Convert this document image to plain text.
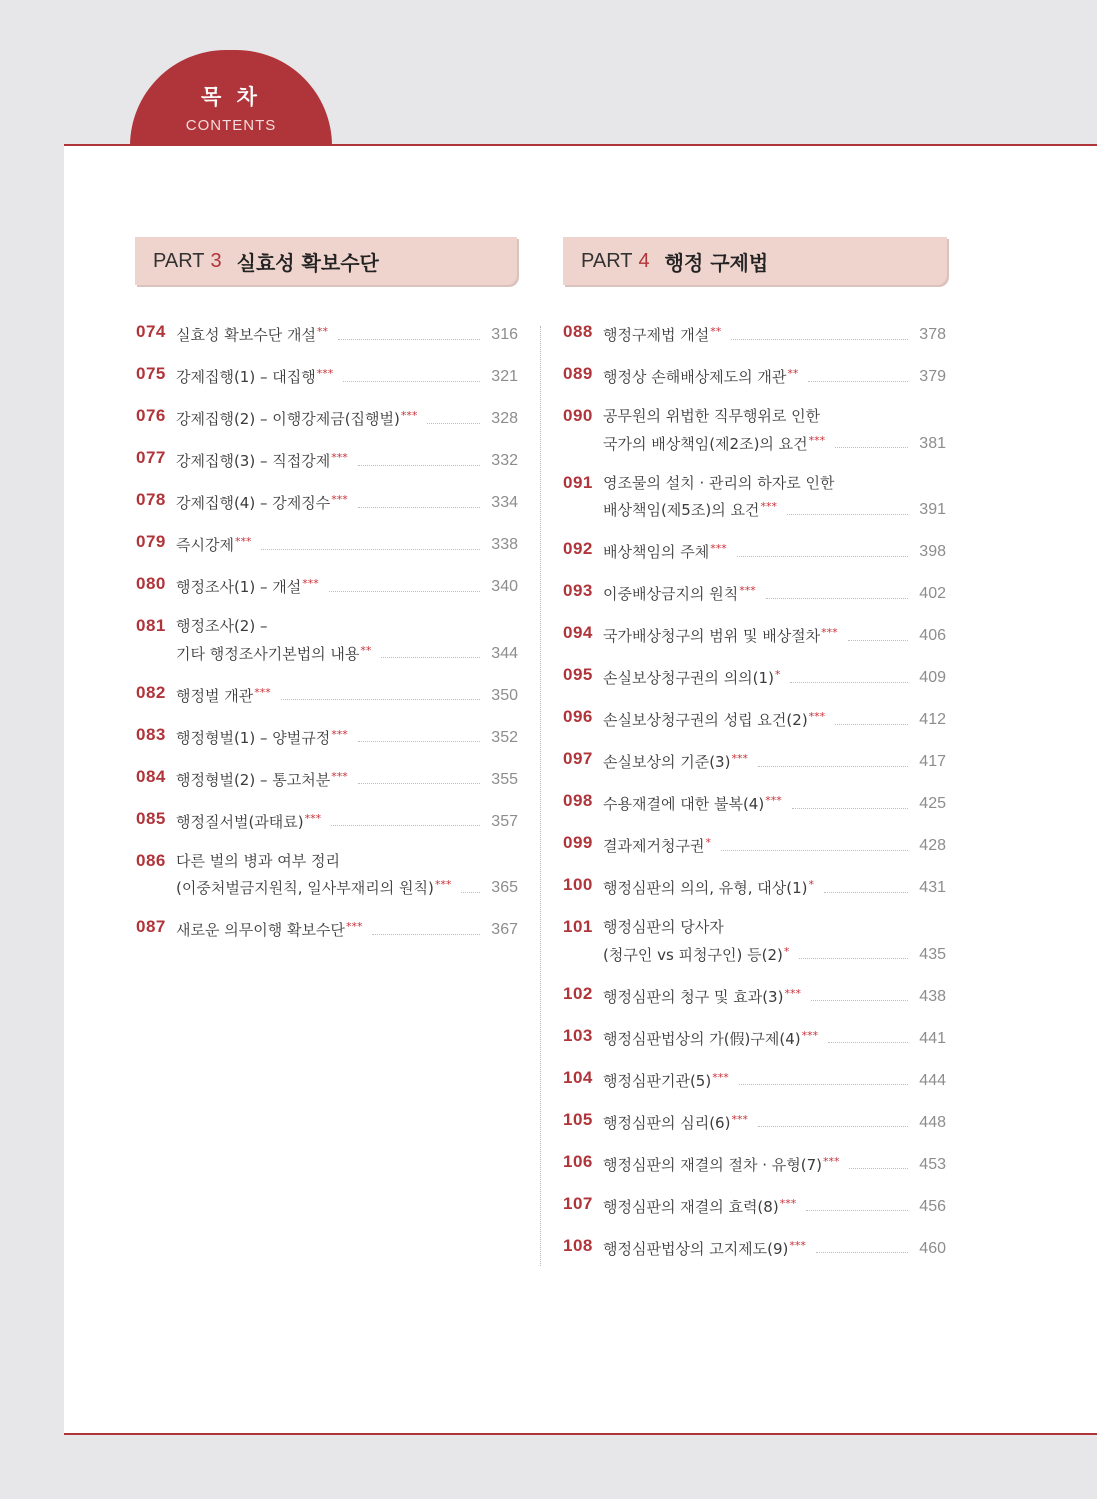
목 차
CONTENTS
PART 3 실효성 확보수단	PART 4 행정 구제법
074 실효성 확보수단 개설**	316
075 강제집행(1) – 대집행***	321
076 강제집행(2) – 이행강제금(집행벌)***	328
077 강제집행(3) – 직접강제***	332
078 강제집행(4) – 강제징수***	334
079 즉시강제***	338
080 행정조사(1) – 개설***	340
081 행정조사(2) –
기타 행정조사기본법의 내용**	344
082 행정벌 개관***	350
083 행정형벌(1) – 양벌규정***	352
084 행정형벌(2) – 통고처분***	355
085 행정질서벌(과태료)***	357
086 다른 벌의 병과 여부 정리
(이중처벌금지원칙, 일사부재리의 원칙)*** 365
087 새로운 의무이행 확보수단***	367
088 행정구제법 개설**	378
089 행정상 손해배상제도의 개관**	379
090 공무원의 위법한 직무행위로 인한
국가의 배상책임(제2조)의 요건***	381
091 영조물의 설치 · 관리의 하자로 인한
배상책임(제5조)의 요건***	391
092 배상책임의 주체***	398
093 이중배상금지의 원칙***	402
094 국가배상청구의 범위 및 배상절차***	406
095 손실보상청구권의 의의(1)*	409
096 손실보상청구권의 성립 요건(2)***	412
097 손실보상의 기준(3)***	417
098 수용재결에 대한 불복(4)***	425
099 결과제거청구권*	428
100 행정심판의 의의, 유형, 대상(1)*	431
101 행정심판의 당사자
(청구인 vs 피청구인) 등(2)*	435
102 행정심판의 청구 및 효과(3)***	438
103 행정심판법상의 가(假)구제(4)***	441
104 행정심판기관(5)***	444
105 행정심판의 심리(6)***	448
106 행정심판의 재결의 절차 · 유형(7)***	453
107 행정심판의 재결의 효력(8)***	456
108 행정심판법상의 고지제도(9)***	460
